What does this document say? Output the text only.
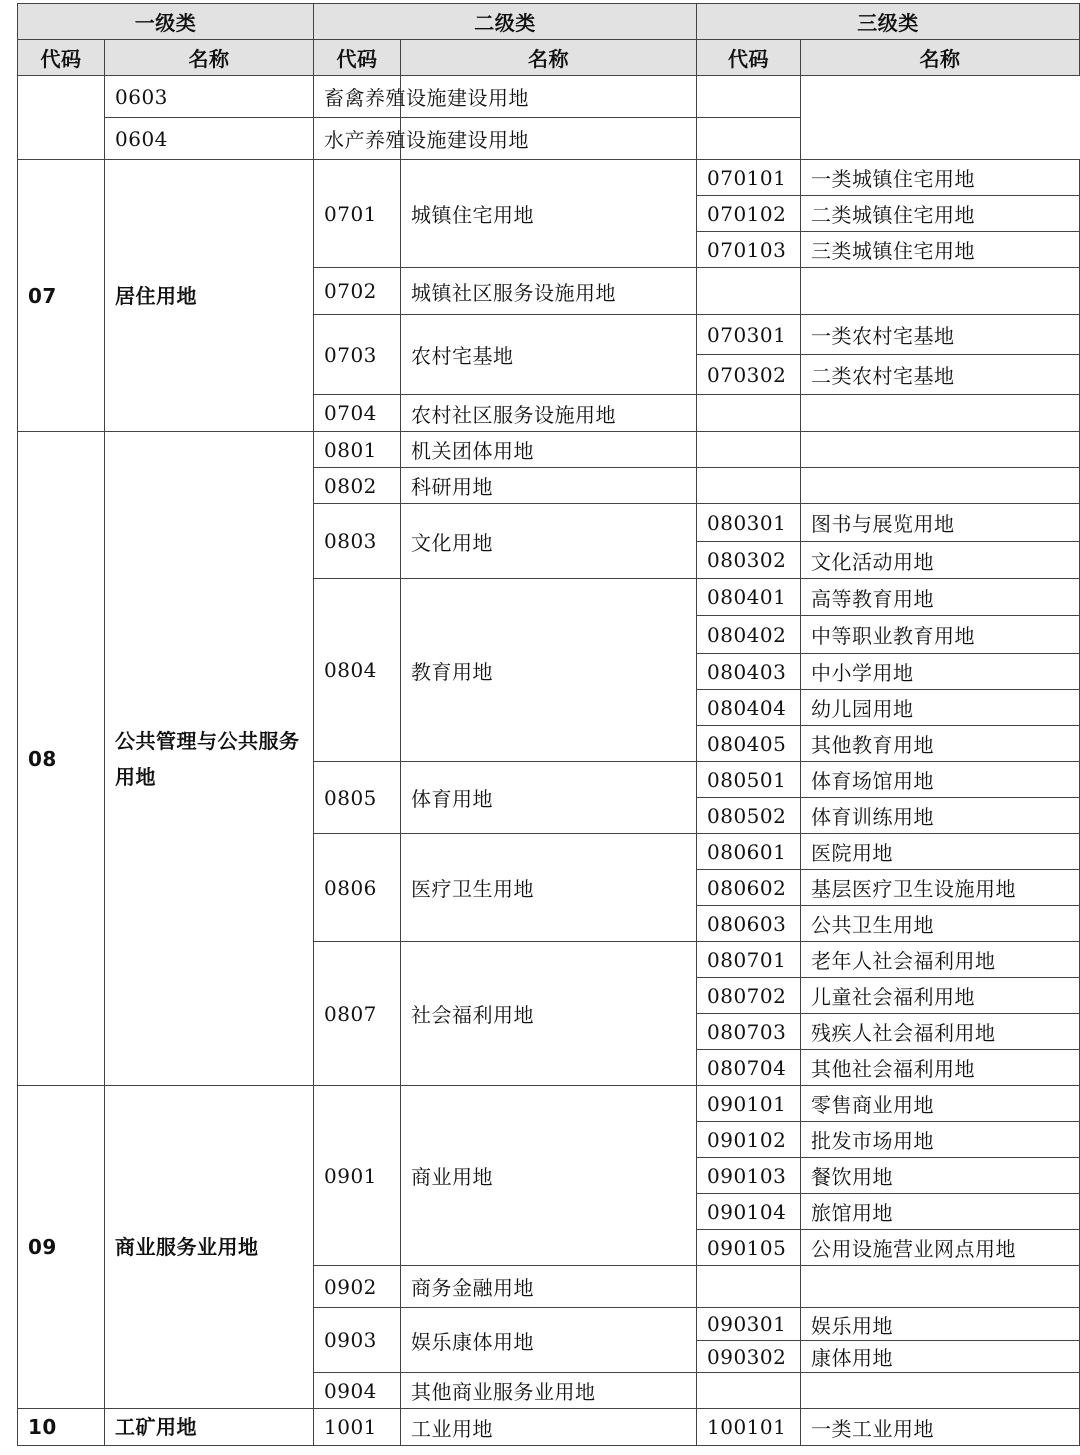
一级类		二级类		三级类	
代码	名称	代码	名称	代码	名称
	0603	畜禽养殖设施建设用地			
	0604	水产养殖设施建设用地			
07	居住用地	0701	城镇住宅用地	070101	一类城镇住宅用地
				070102	二类城镇住宅用地
				070103	三类城镇住宅用地
		0702	城镇社区服务设施用地		
		0703	农村宅基地	070301	一类农村宅基地
				070302	二类农村宅基地
		0704	农村社区服务设施用地		
08	公共管理与公共服务用地	0801	机关团体用地		
		0802	科研用地		
		0803	文化用地	080301	图书与展览用地
				080302	文化活动用地
		0804	教育用地	080401	高等教育用地
				080402	中等职业教育用地
				080403	中小学用地
				080404	幼儿园用地
				080405	其他教育用地
		0805	体育用地	080501	体育场馆用地
				080502	体育训练用地
		0806	医疗卫生用地	080601	医院用地
				080602	基层医疗卫生设施用地
				080603	公共卫生用地
		0807	社会福利用地	080701	老年人社会福利用地
				080702	儿童社会福利用地
				080703	残疾人社会福利用地
				080704	其他社会福利用地
09	商业服务业用地	0901	商业用地	090101	零售商业用地
				090102	批发市场用地
				090103	餐饮用地
				090104	旅馆用地
				090105	公用设施营业网点用地
		0902	商务金融用地		
		0903	娱乐康体用地	090301	娱乐用地
				090302	康体用地
		0904	其他商业服务业用地		
10	工矿用地	1001	工业用地	100101	一类工业用地
